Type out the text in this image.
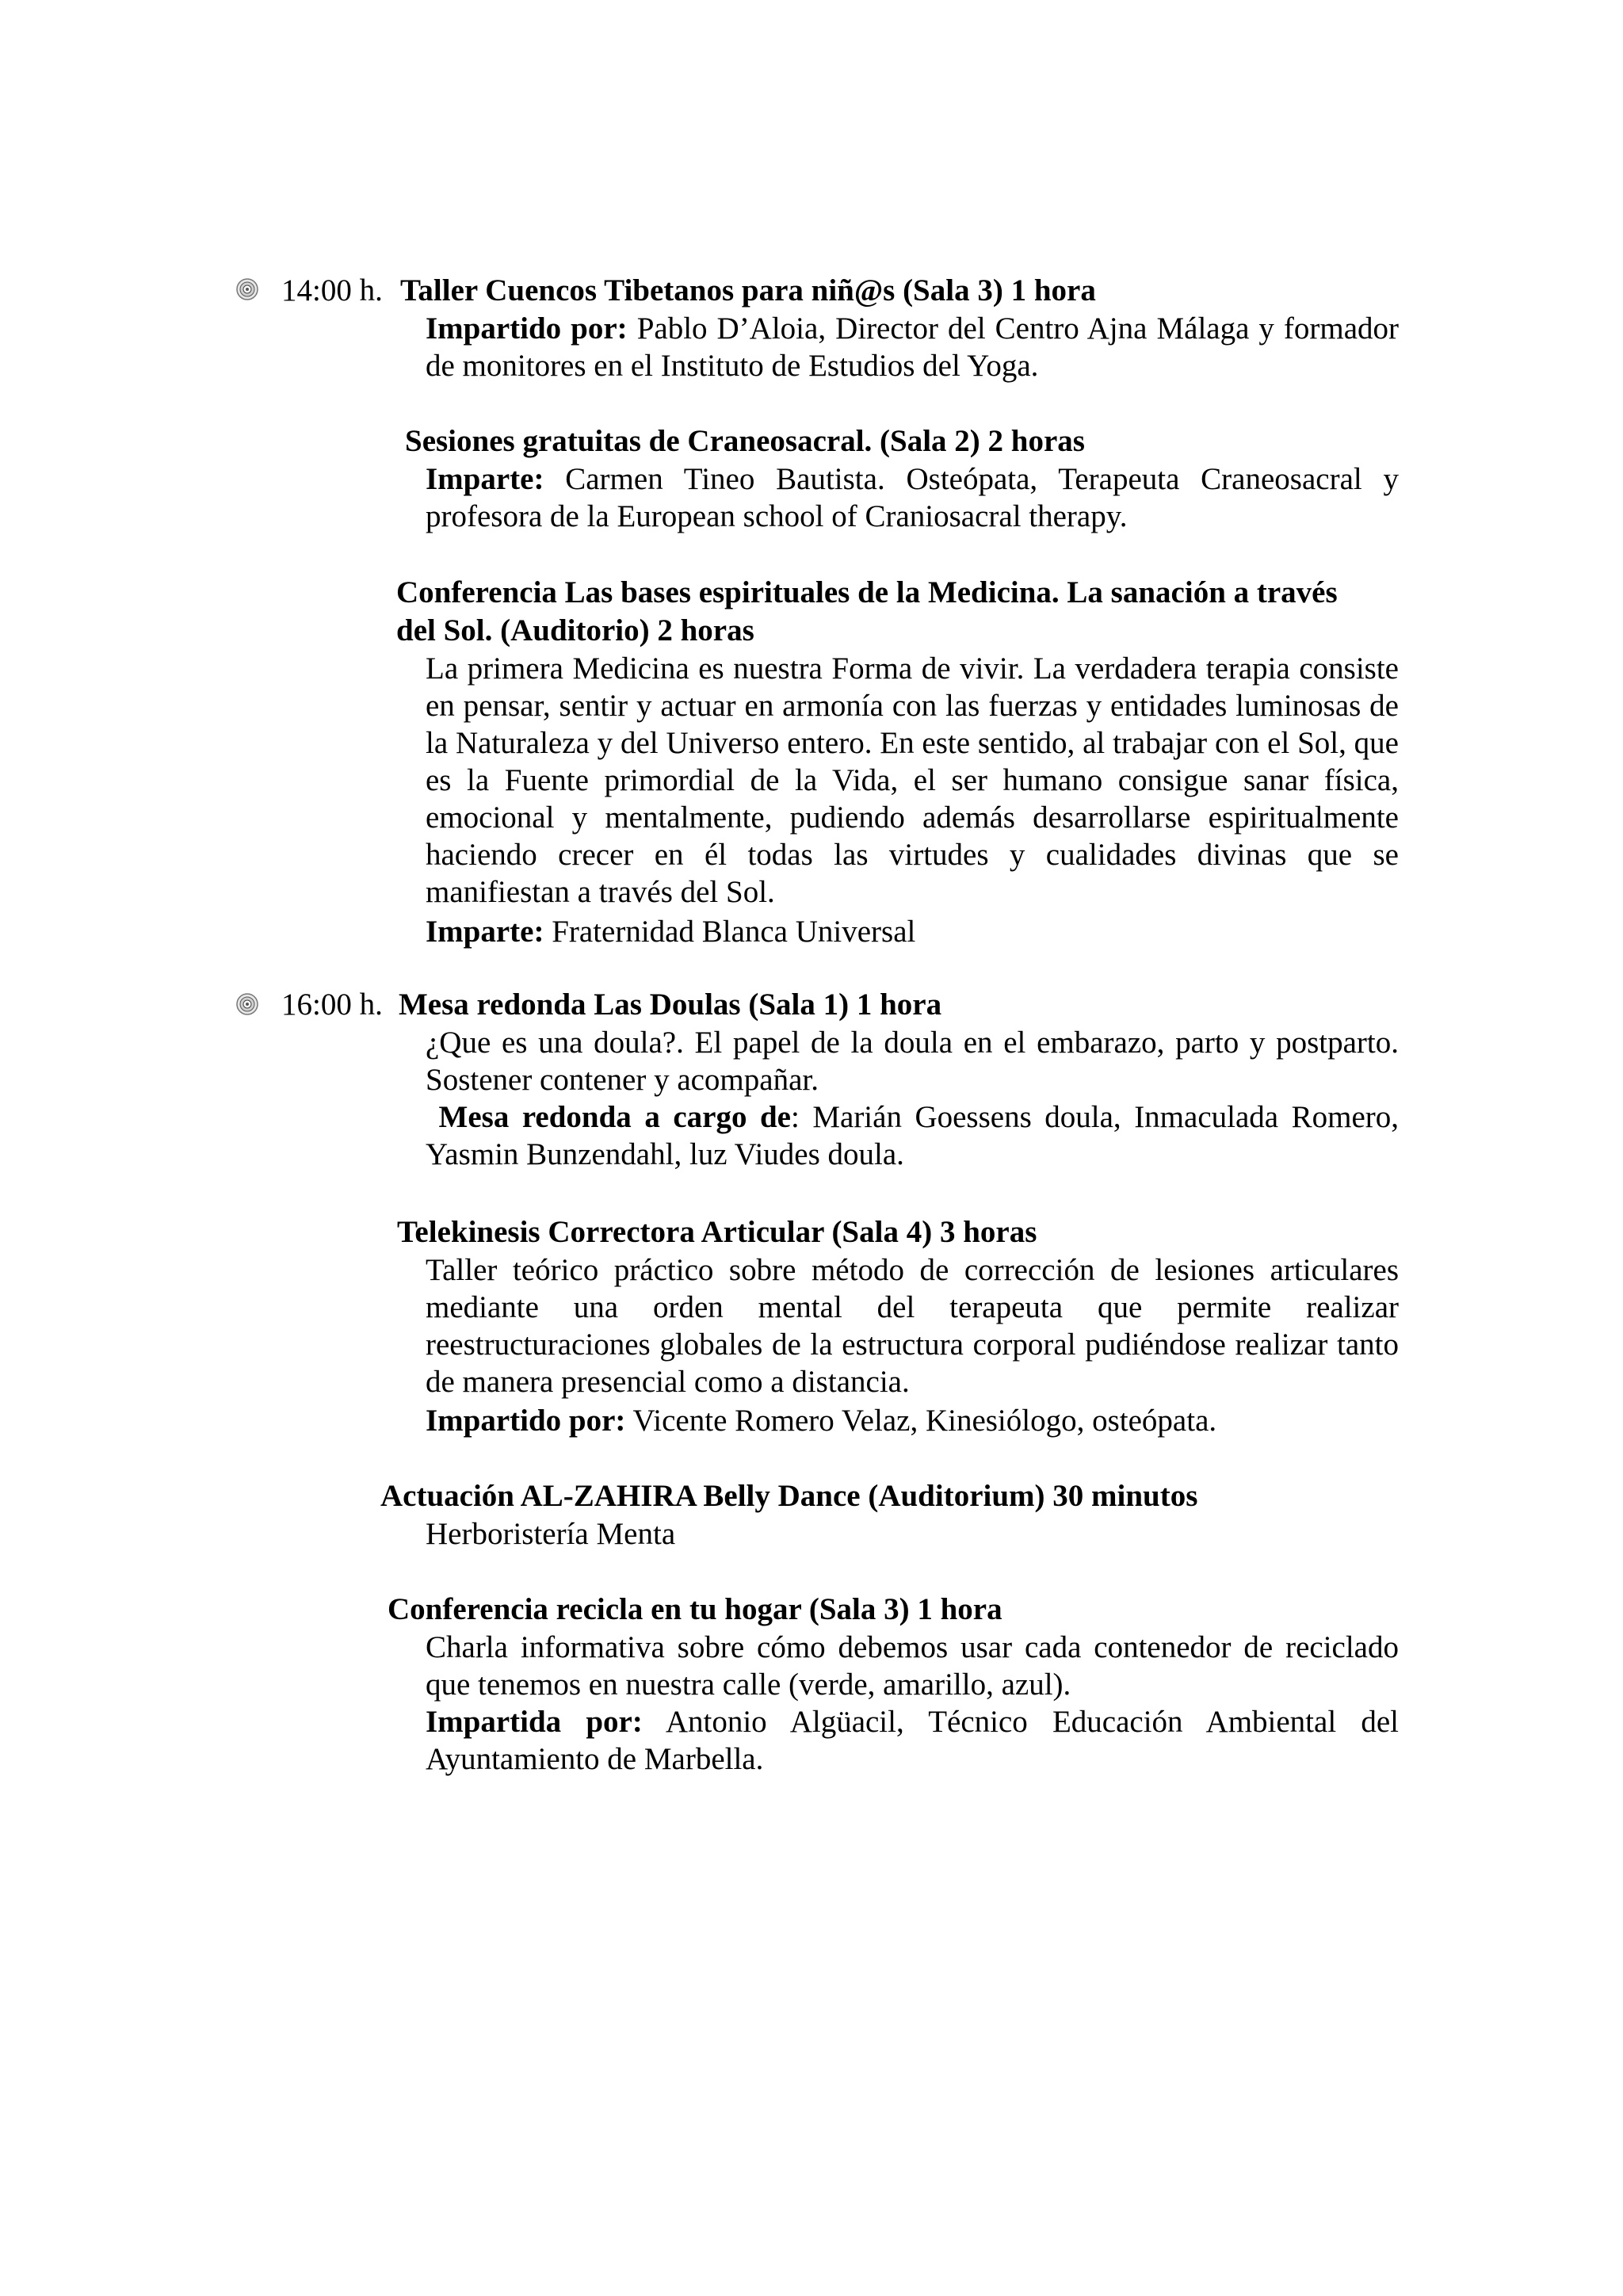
14:00 h. Taller Cuencos Tibetanos para niñ@s (Sala 3) 1 hora
Impartido por: Pablo D’Aloia, Director del Centro Ajna Málaga y formador de monitores en el Instituto de Estudios del Yoga.
Sesiones gratuitas de Craneosacral. (Sala 2) 2 horas
Imparte: Carmen Tineo Bautista. Osteópata, Terapeuta Craneosacral y profesora de la European school of Craniosacral therapy.
Conferencia Las bases espirituales de la Medicina. La sanación a través
del Sol. (Auditorio) 2 horas
La primera Medicina es nuestra Forma de vivir. La verdadera terapia consiste en pensar, sentir y actuar en armonía con las fuerzas y entidades luminosas de la Naturaleza y del Universo entero. En este sentido, al trabajar con el Sol, que es la Fuente primordial de la Vida, el ser humano consigue sanar física, emocional y mentalmente, pudiendo además desarrollarse espiritualmente haciendo crecer en él todas las virtudes y cualidades divinas que se manifiestan a través del Sol.
Imparte: Fraternidad Blanca Universal
16:00 h. Mesa redonda Las Doulas (Sala 1) 1 hora
¿Que es una doula?. El papel de la doula en el embarazo, parto y postparto. Sostener contener y acompañar.
Mesa redonda a cargo de: Marián Goessens doula, Inmaculada Romero, Yasmin Bunzendahl, luz Viudes doula.
Telekinesis Correctora Articular (Sala 4) 3 horas
Taller teórico práctico sobre método de corrección de lesiones articulares mediante una orden mental del terapeuta que permite realizar reestructuraciones globales de la estructura corporal pudiéndose realizar tanto de manera presencial como a distancia.
Impartido por: Vicente Romero Velaz, Kinesiólogo, osteópata.
Actuación AL-ZAHIRA Belly Dance (Auditorium) 30 minutos
Herboristería Menta
Conferencia recicla en tu hogar (Sala 3) 1 hora
Charla informativa sobre cómo debemos usar cada contenedor de reciclado que tenemos en nuestra calle (verde, amarillo, azul).
Impartida por: Antonio Algüacil, Técnico Educación Ambiental del Ayuntamiento de Marbella.
